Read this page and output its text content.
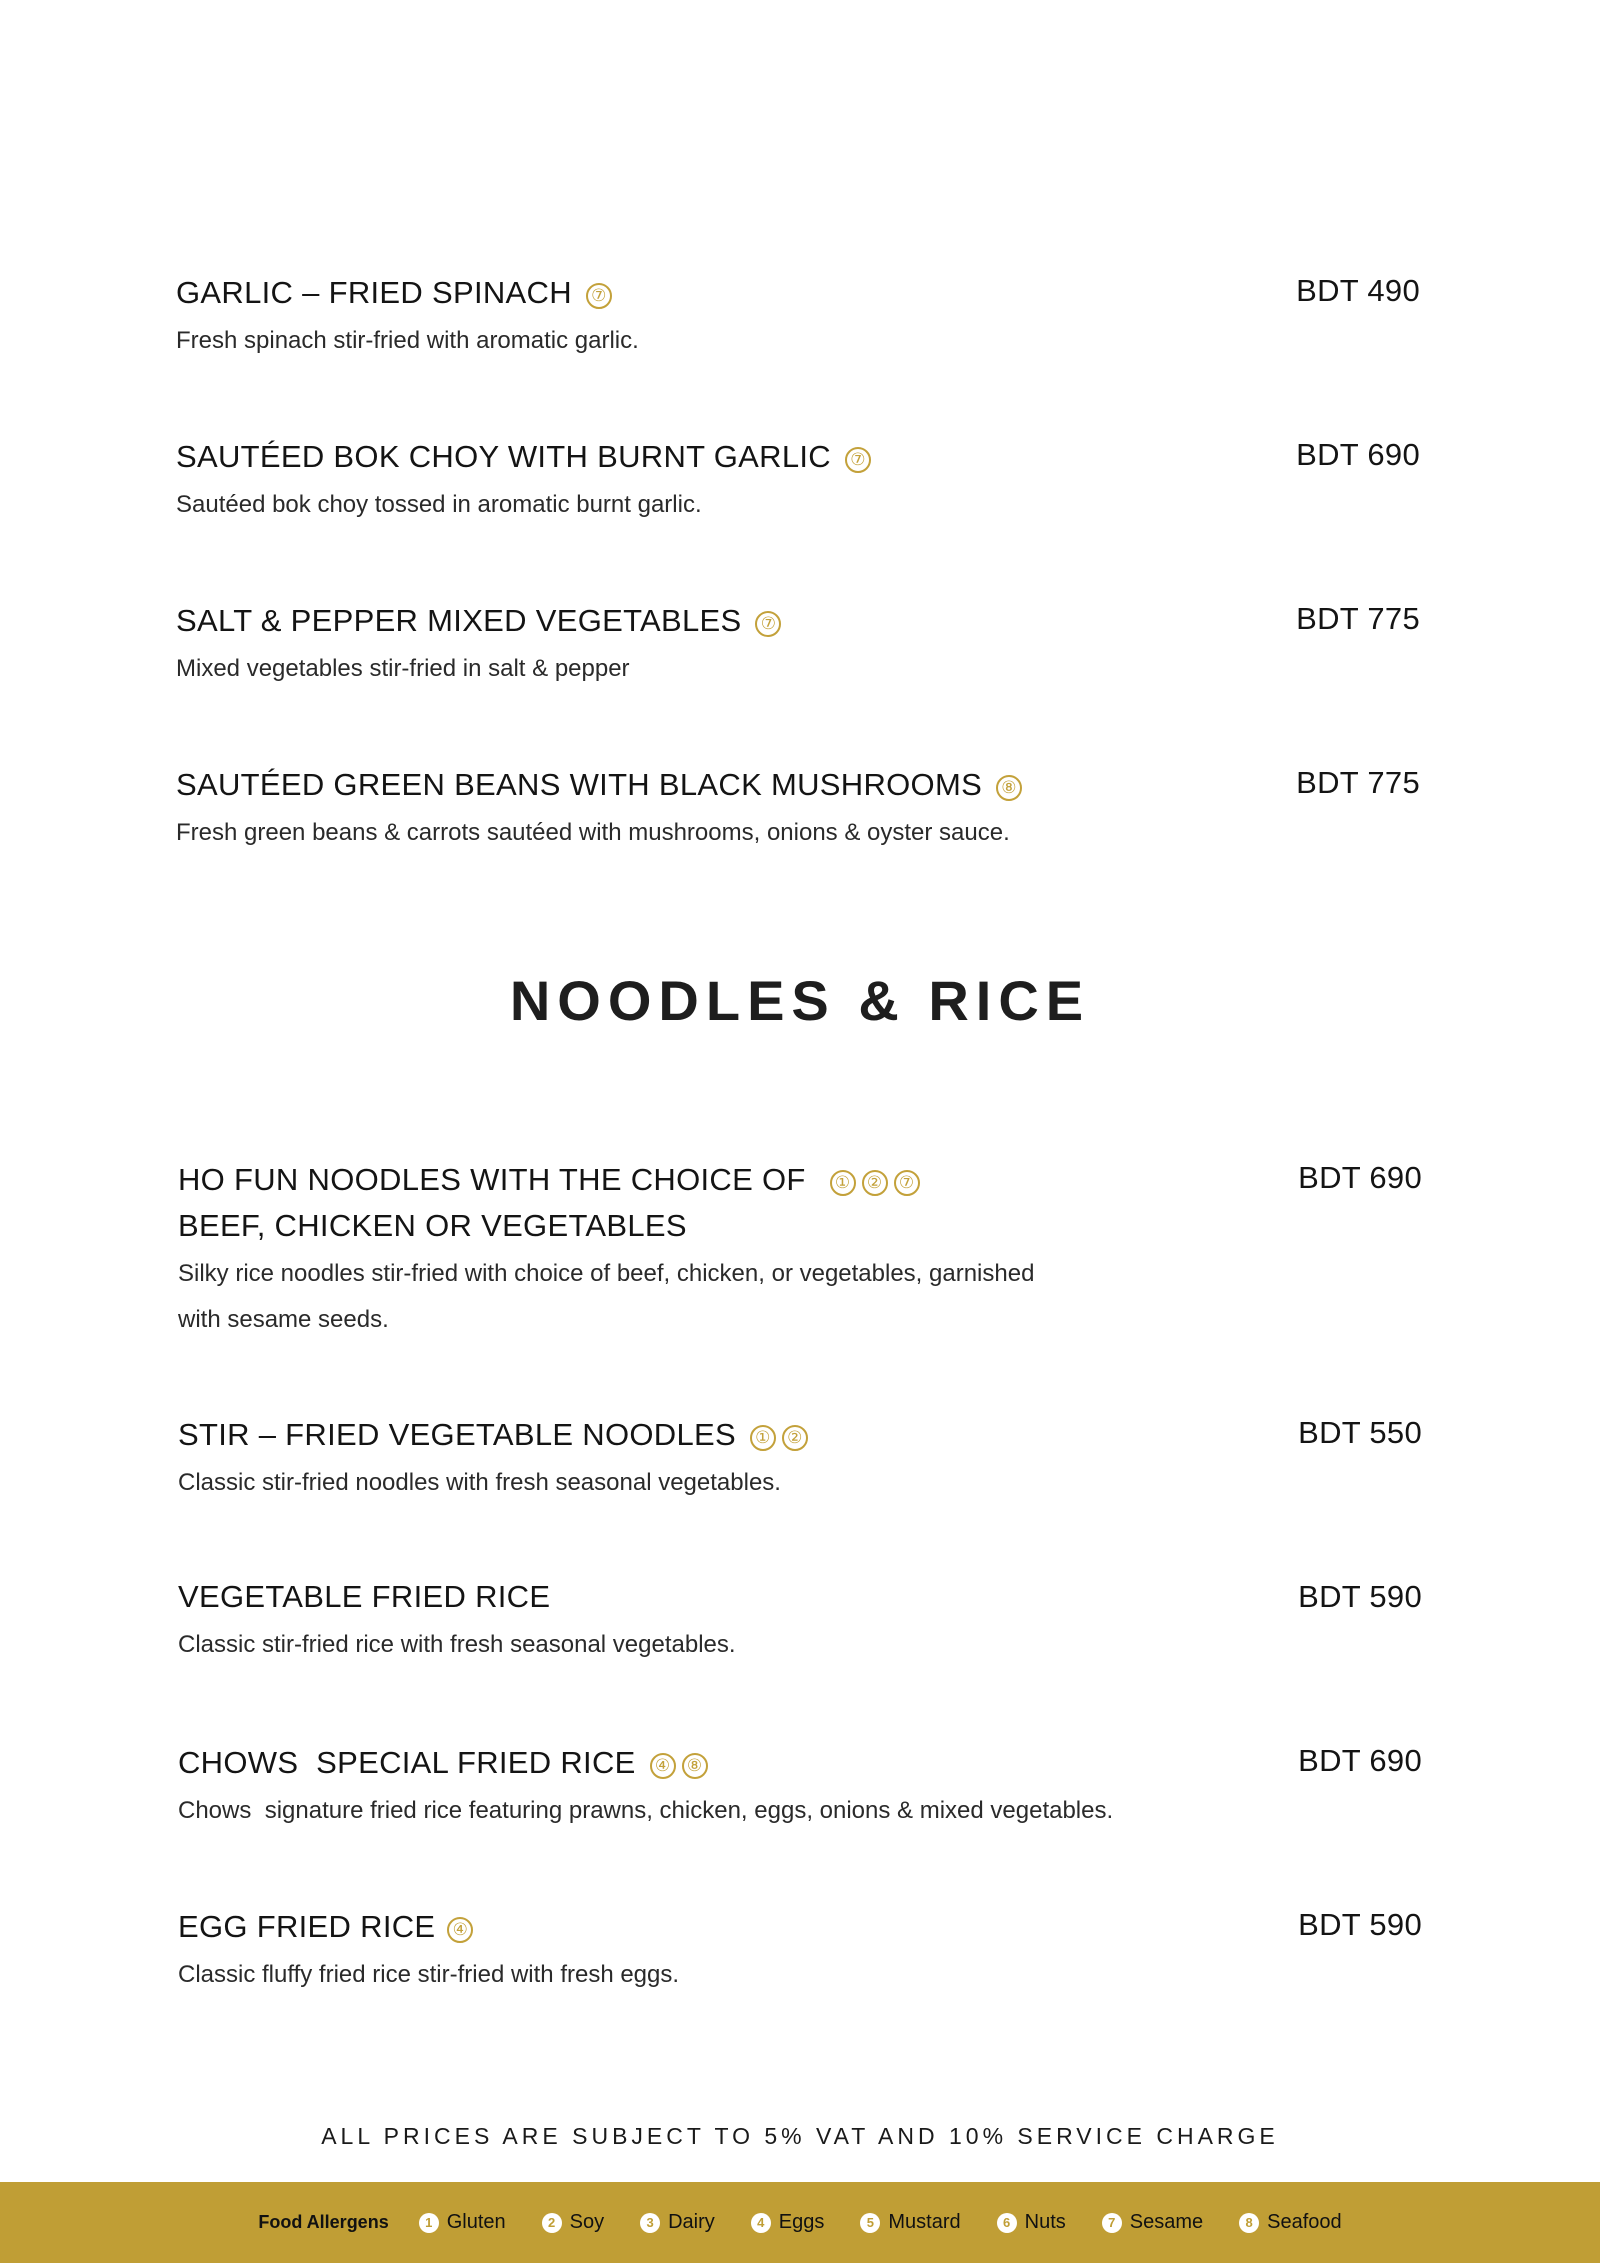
GARLIC – FRIED SPINACH ⑦	BDT 490
Fresh spinach stir-fried with aromatic garlic.
SAUTÉED BOK CHOY WITH BURNT GARLIC ⑦	BDT 690
Sautéed bok choy tossed in aromatic burnt garlic.
SALT & PEPPER MIXED VEGETABLES ⑦	BDT 775
Mixed vegetables stir-fried in salt & pepper
SAUTÉED GREEN BEANS WITH BLACK MUSHROOMS ⑧	BDT 775
Fresh green beans & carrots sautéed with mushrooms, onions & oyster sauce.
NOODLES & RICE
HO FUN NOODLES WITH THE CHOICE OF ① ② ⑦
BEEF, CHICKEN OR VEGETABLES
BDT 690
Silky rice noodles stir-fried with choice of beef, chicken, or vegetables, garnished
with sesame seeds.
STIR – FRIED VEGETABLE NOODLES ① ②	BDT 550
Classic stir-fried noodles with fresh seasonal vegetables.
VEGETABLE FRIED RICE	BDT 590
Classic stir-fried rice with fresh seasonal vegetables.
CHOWS  SPECIAL FRIED RICE ④ ⑧	BDT 690
Chows  signature fried rice featuring prawns, chicken, eggs, onions & mixed vegetables.
EGG FRIED RICE ④	BDT 590
Classic fluffy fried rice stir-fried with fresh eggs.
ALL PRICES ARE SUBJECT TO 5% VAT AND 10% SERVICE CHARGE
Food Allergens	1 Gluten	2 Soy	3 Dairy	4 Eggs	5 Mustard	6 Nuts	7 Sesame	8 Seafood
